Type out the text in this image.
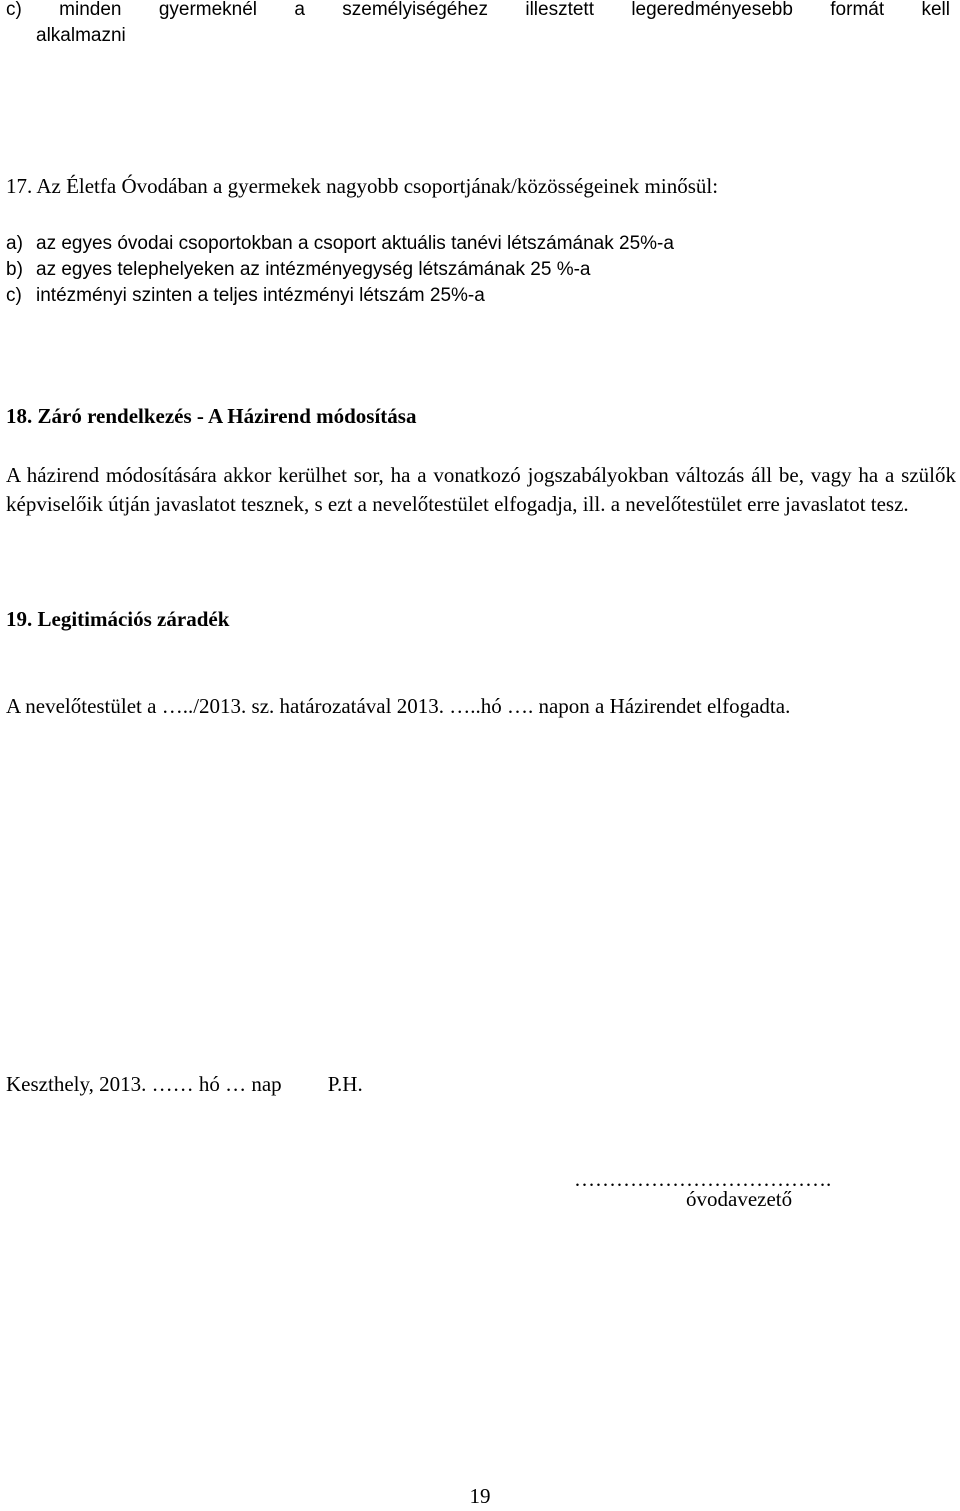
c) minden gyermeknél a személyiségéhez illesztett legeredményesebb formát kell
alkalmazni
17. Az Életfa Óvodában a gyermekek nagyobb csoportjának/közösségeinek minősül:
a) az egyes óvodai csoportokban a csoport aktuális tanévi létszámának 25%-a
b) az egyes telephelyeken az intézményegység létszámának 25 %-a
c) intézményi szinten a teljes intézményi létszám 25%-a
18. Záró rendelkezés - A Házirend módosítása
A házirend módosítására akkor kerülhet sor, ha a vonatkozó jogszabályokban változás áll be, vagy ha a szülők képviselőik útján javaslatot tesznek, s ezt a nevelőtestület elfogadja, ill. a nevelőtestület erre javaslatot tesz.
19. Legitimációs záradék
A nevelőtestület a …../2013. sz. határozatával 2013. …..hó …. napon a Házirendet elfogadta.
Keszthely, 2013. …… hó … nap P.H.
……………………………….
óvodavezető
19
